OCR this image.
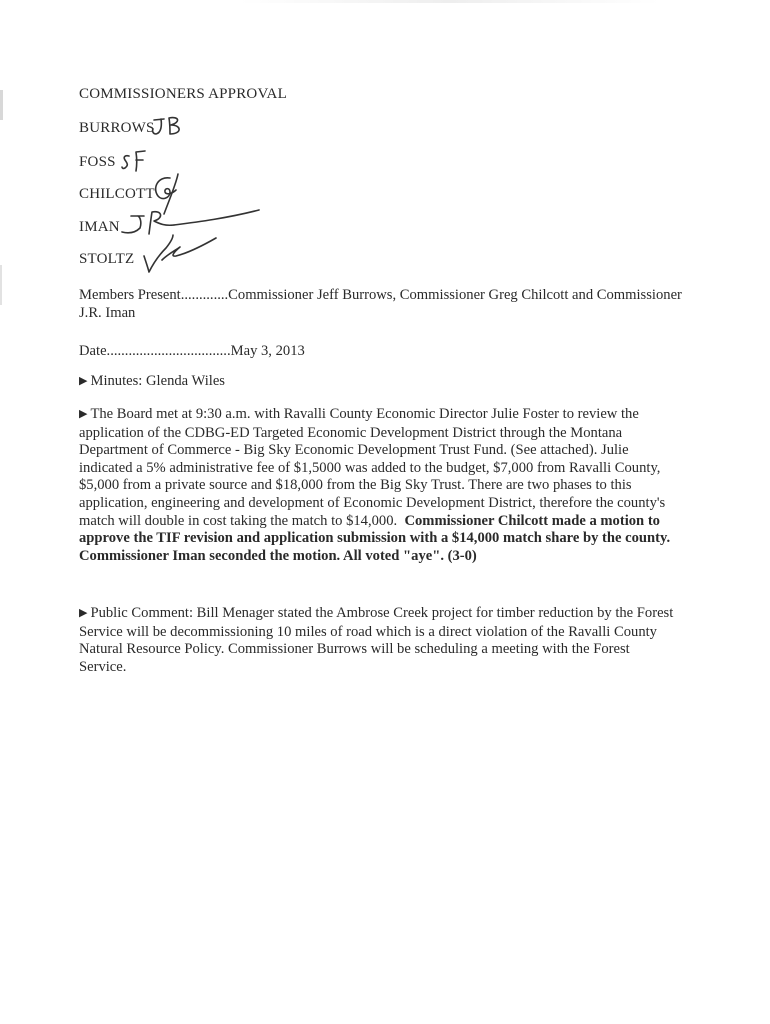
COMMISSIONERS APPROVAL
BURROWS
FOSS
CHILCOTT
IMAN
STOLTZ

Members Present.............Commissioner Jeff Burrows, Commissioner Greg Chilcott and Commissioner J.R. Iman

Date..................................May 3, 2013

▶ Minutes: Glenda Wiles

▶ The Board met at 9:30 a.m. with Ravalli County Economic Director Julie Foster to review the application of the CDBG-ED Targeted Economic Development District through the Montana Department of Commerce - Big Sky Economic Development Trust Fund. (See attached). Julie indicated a 5% administrative fee of $1,5000 was added to the budget, $7,000 from Ravalli County, $5,000 from a private source and $18,000 from the Big Sky Trust. There are two phases to this application, engineering and development of Economic Development District, therefore the county's match will double in cost taking the match to $14,000. Commissioner Chilcott made a motion to approve the TIF revision and application submission with a $14,000 match share by the county. Commissioner Iman seconded the motion. All voted "aye". (3-0)

▶ Public Comment: Bill Menager stated the Ambrose Creek project for timber reduction by the Forest Service will be decommissioning 10 miles of road which is a direct violation of the Ravalli County Natural Resource Policy. Commissioner Burrows will be scheduling a meeting with the Forest Service.
